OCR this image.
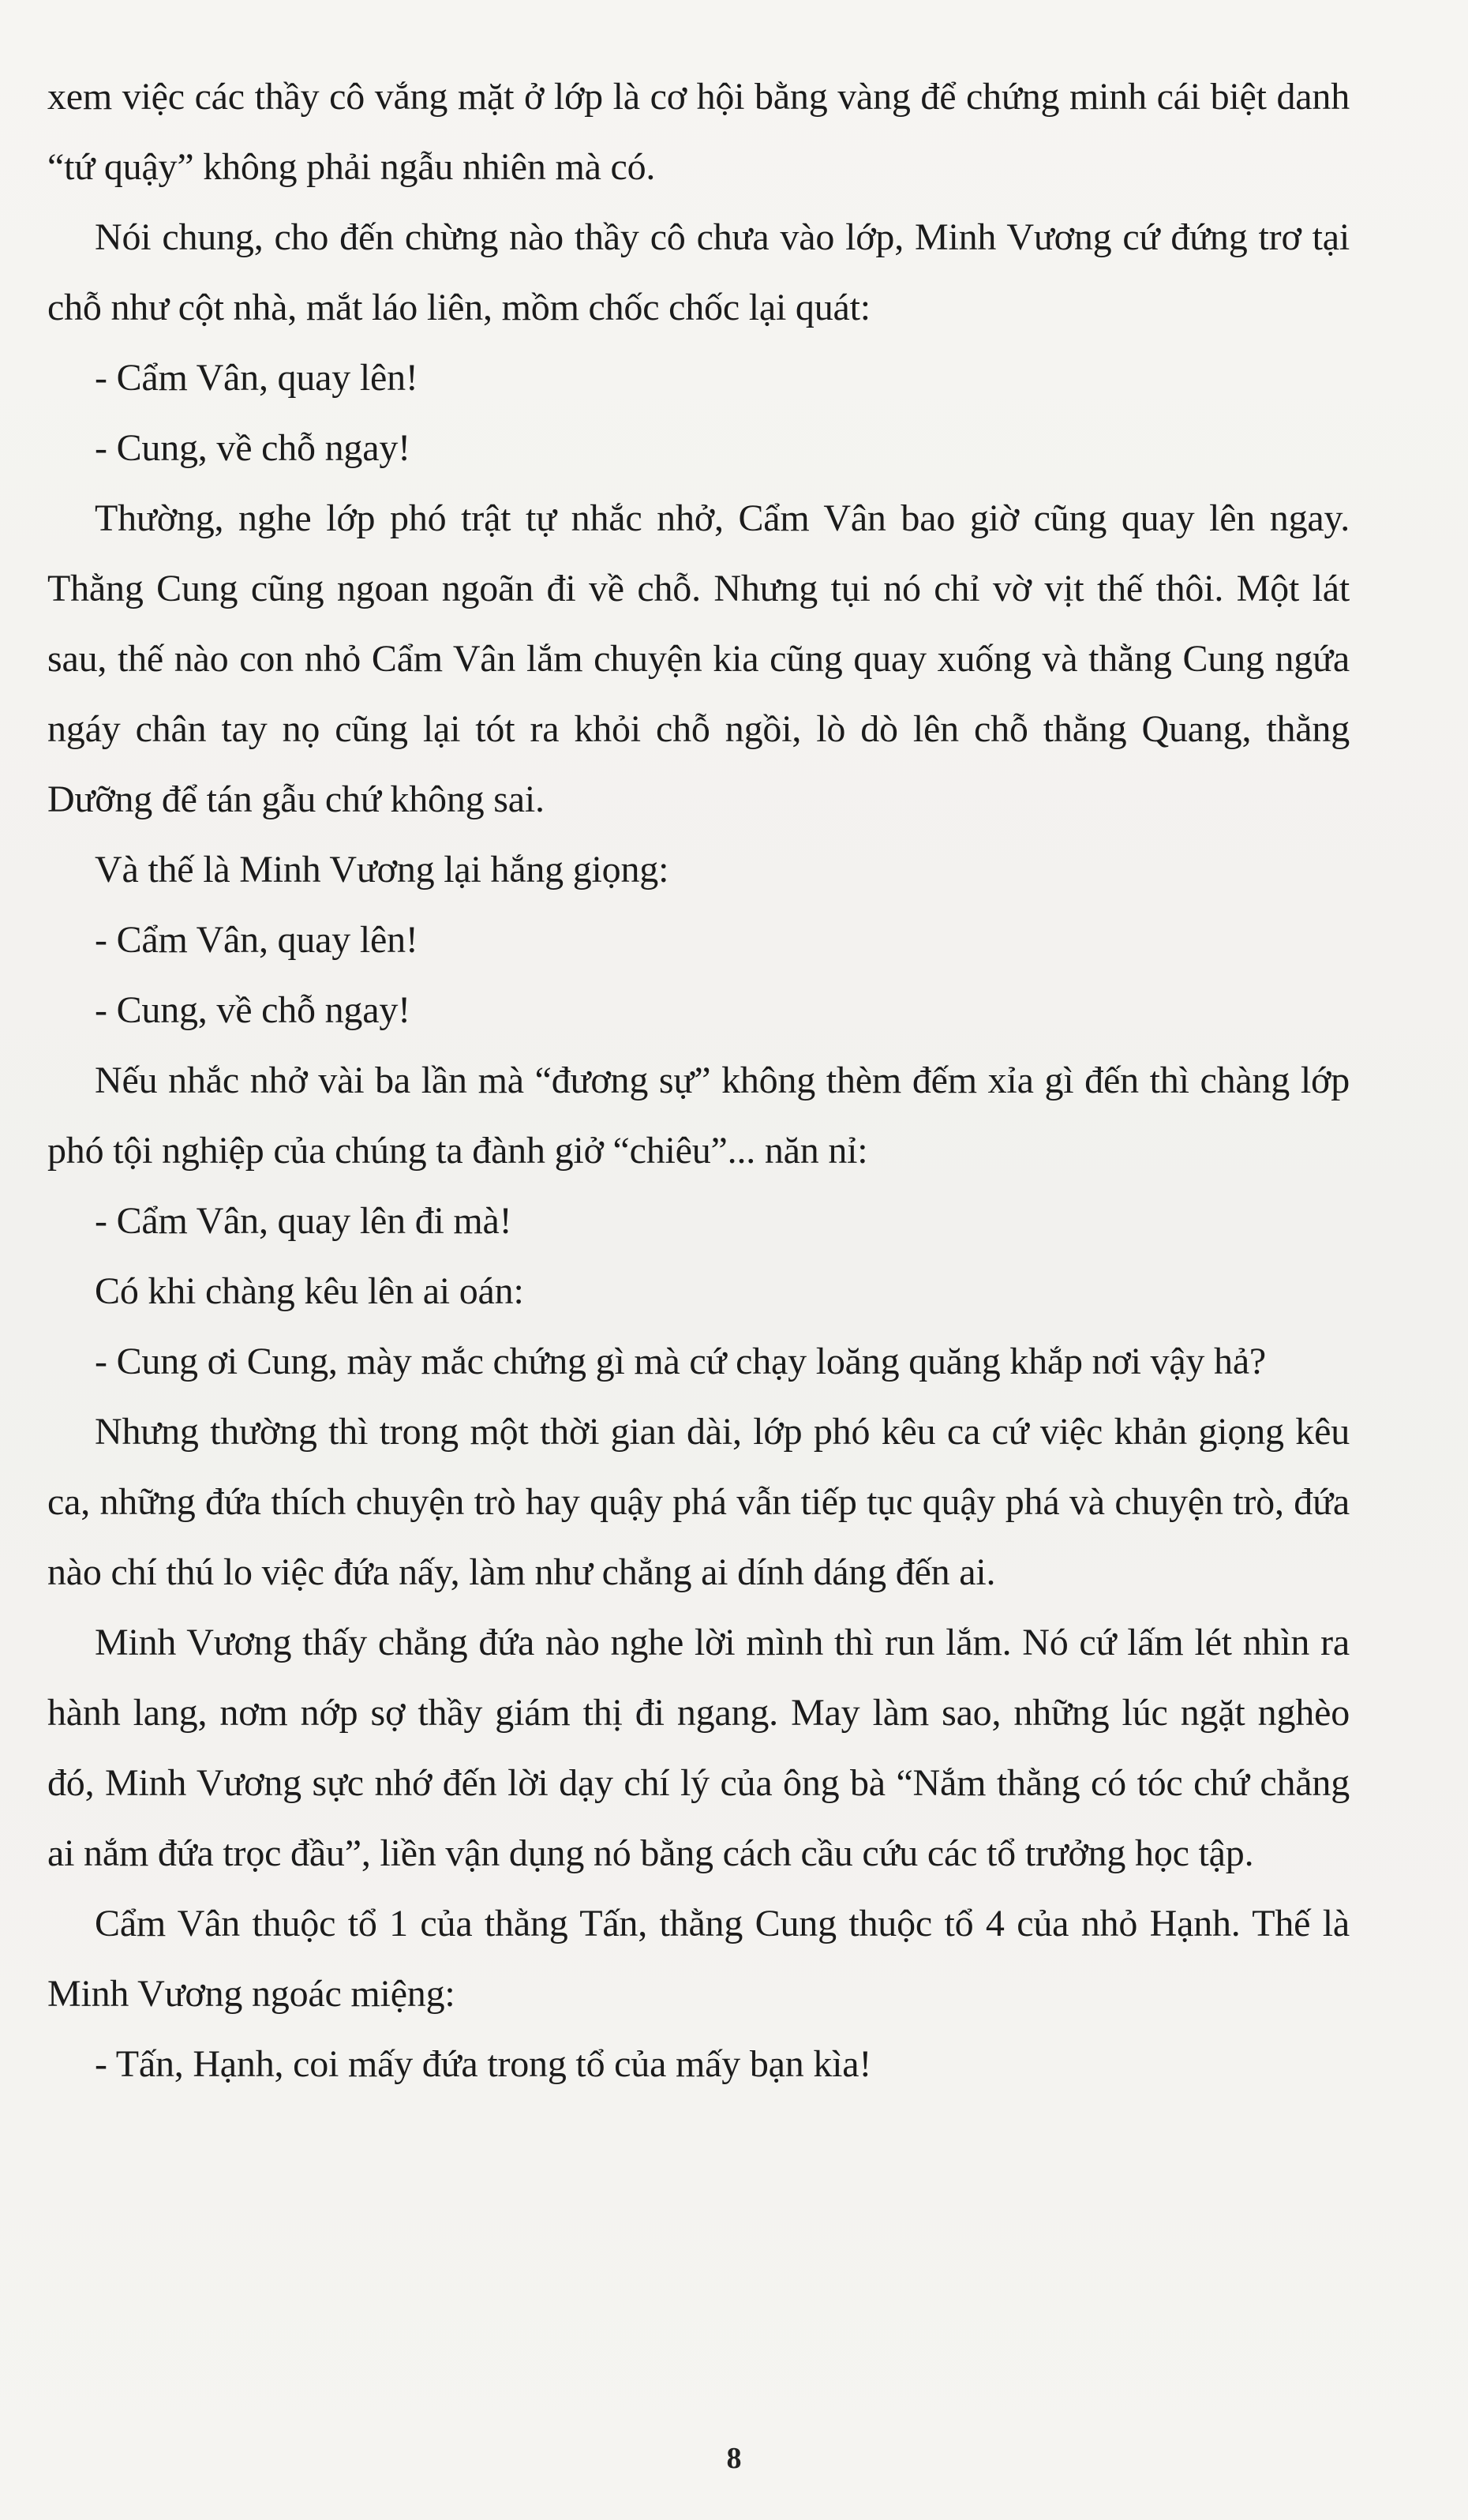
xem việc các thầy cô vắng mặt ở lớp là cơ hội bằng vàng để chứng minh cái biệt danh “tứ quậy” không phải ngẫu nhiên mà có.

Nói chung, cho đến chừng nào thầy cô chưa vào lớp, Minh Vương cứ đứng trơ tại chỗ như cột nhà, mắt láo liên, mồm chốc chốc lại quát:

- Cẩm Vân, quay lên!

- Cung, về chỗ ngay!

Thường, nghe lớp phó trật tự nhắc nhở, Cẩm Vân bao giờ cũng quay lên ngay. Thằng Cung cũng ngoan ngoãn đi về chỗ. Nhưng tụi nó chỉ vờ vịt thế thôi. Một lát sau, thế nào con nhỏ Cẩm Vân lắm chuyện kia cũng quay xuống và thằng Cung ngứa ngáy chân tay nọ cũng lại tót ra khỏi chỗ ngồi, lò dò lên chỗ thằng Quang, thằng Dưỡng để tán gẫu chứ không sai.

Và thế là Minh Vương lại hắng giọng:

- Cẩm Vân, quay lên!

- Cung, về chỗ ngay!

Nếu nhắc nhở vài ba lần mà “đương sự” không thèm đếm xỉa gì đến thì chàng lớp phó tội nghiệp của chúng ta đành giở “chiêu”... năn nỉ:

- Cẩm Vân, quay lên đi mà!

Có khi chàng kêu lên ai oán:

- Cung ơi Cung, mày mắc chứng gì mà cứ chạy loăng quăng khắp nơi vậy hả?

Nhưng thường thì trong một thời gian dài, lớp phó kêu ca cứ việc khản giọng kêu ca, những đứa thích chuyện trò hay quậy phá vẫn tiếp tục quậy phá và chuyện trò, đứa nào chí thú lo việc đứa nấy, làm như chẳng ai dính dáng đến ai.

Minh Vương thấy chẳng đứa nào nghe lời mình thì run lắm. Nó cứ lấm lét nhìn ra hành lang, nơm nớp sợ thầy giám thị đi ngang. May làm sao, những lúc ngặt nghèo đó, Minh Vương sực nhớ đến lời dạy chí lý của ông bà “Nắm thằng có tóc chứ chẳng ai nắm đứa trọc đầu”, liền vận dụng nó bằng cách cầu cứu các tổ trưởng học tập.

Cẩm Vân thuộc tổ 1 của thằng Tấn, thằng Cung thuộc tổ 4 của nhỏ Hạnh. Thế là Minh Vương ngoác miệng:

- Tấn, Hạnh, coi mấy đứa trong tổ của mấy bạn kìa!

8
